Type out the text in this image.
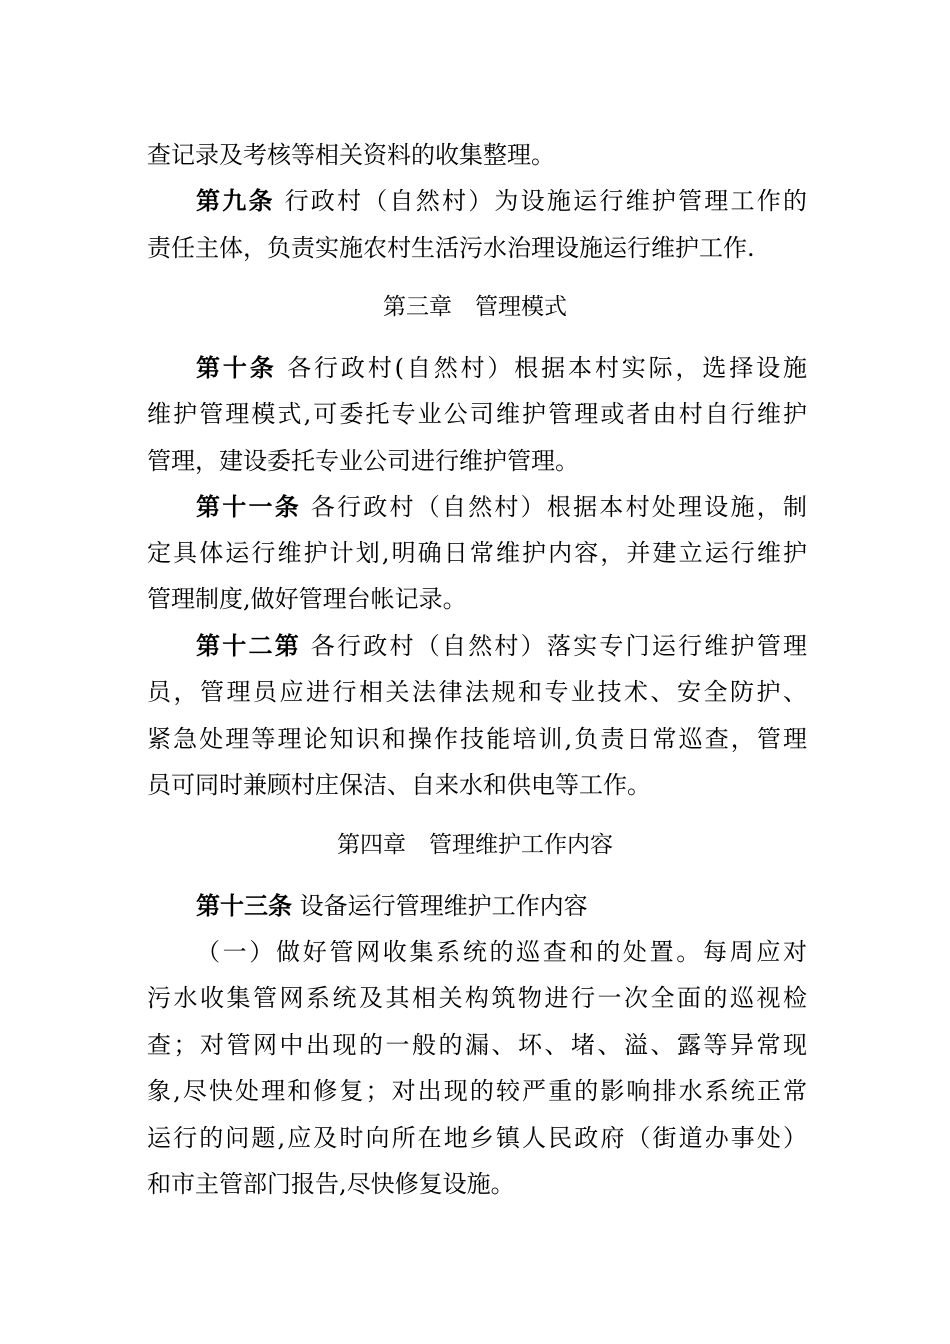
查记录及考核等相关资料的收集整理。
第九条 行政村（自然村）为设施运行维护管理工作的
责任主体，负责实施农村生活污水治理设施运行维护工作.
第三章　管理模式
第十条 各行政村(自然村）根据本村实际，选择设施
维护管理模式,可委托专业公司维护管理或者由村自行维护
管理，建设委托专业公司进行维护管理。
第十一条 各行政村（自然村）根据本村处理设施，制
定具体运行维护计划,明确日常维护内容，并建立运行维护
管理制度,做好管理台帐记录。
第十二第 各行政村（自然村）落实专门运行维护管理
员，管理员应进行相关法律法规和专业技术、安全防护、
紧急处理等理论知识和操作技能培训,负责日常巡查，管理
员可同时兼顾村庄保洁、自来水和供电等工作。
第四章　管理维护工作内容
第十三条 设备运行管理维护工作内容
（一）做好管网收集系统的巡查和的处置。每周应对
污水收集管网系统及其相关构筑物进行一次全面的巡视检
查；对管网中出现的一般的漏、坏、堵、溢、露等异常现
象,尽快处理和修复；对出现的较严重的影响排水系统正常
运行的问题,应及时向所在地乡镇人民政府（街道办事处）
和市主管部门报告,尽快修复设施。
